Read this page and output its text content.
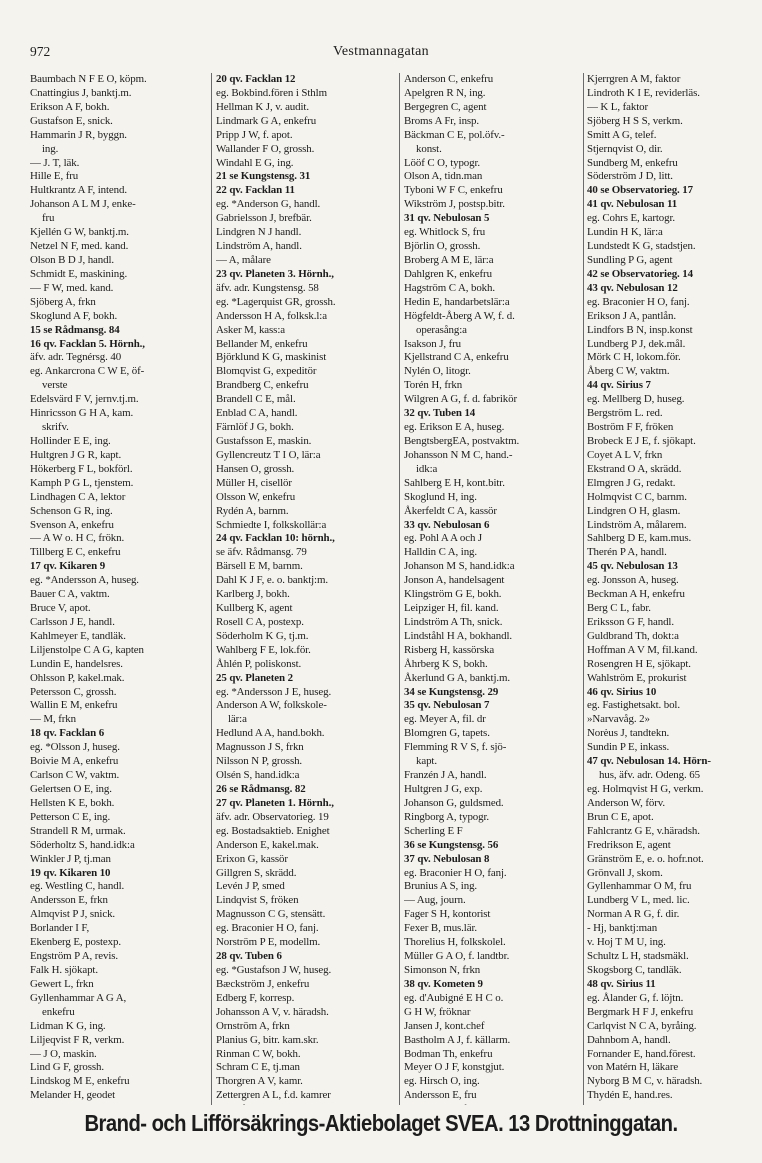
972	Vestmannagatan
Baumbach N F E O, köpm.
Cnattingius J, banktj.m.
Erikson A F, bokh.
Gustafson E, snick.
Hammarin J R, byggn.
ing.
— J. T, läk.
Hille E, fru
Hultkrantz A F, intend.
Johanson A L M J, enke-
fru
Kjellén G W, banktj.m.
Netzel N F, med. kand.
Olson B D J, handl.
Schmidt E, maskining.
— F W, med. kand.
Sjöberg A, frkn
Skoglund A F, bokh.
15 se Rådmansg. 84
16 qv. Facklan 5. Hörnh.,
äfv. adr. Tegnérsg. 40
eg. Ankarcrona C W E, öf-
verste
Edelsvärd F V, jernv.tj.m.
Hinricsson G H A, kam.
skrifv.
Hollinder E E, ing.
Hultgren J G R, kapt.
Hökerberg F L, bokförl.
Kamph P G L, tjenstem.
Lindhagen C A, lektor
Schenson G R, ing.
Svenson A, enkefru
— A W o. H C, frökn.
Tillberg E C, enkefru
17 qv. Kikaren 9
eg. *Andersson A, huseg.
Bauer C A, vaktm.
Bruce V, apot.
Carlsson J E, handl.
Kahlmeyer E, tandläk.
Liljenstolpe C A G, kapten
Lundin E, handelsres.
Ohlsson P, kakel.mak.
Petersson C, grossh.
Wallin E M, enkefru
— M, frkn
18 qv. Facklan 6
eg. *Olsson J, huseg.
Boivie M A, enkefru
Carlson C W, vaktm.
Gelertsen O E, ing.
Hellsten K E, bokh.
Petterson C E, ing.
Strandell R M, urmak.
Söderholtz S, hand.idk:a
Winkler J P, tj.man
19 qv. Kikaren 10
eg. Westling C, handl.
Andersson E, frkn
Almqvist P J, snick.
Borlander I F,
Ekenberg E, postexp.
Engström P A, revis.
Falk H. sjökapt.
Gewert L, frkn
Gyllenhammar A G A,
enkefru
Lidman K G, ing.
Liljeqvist F R, verkm.
— J O, maskin.
Lind G F, grossh.
Lindskog M E, enkefru
Melander H, geodet
20 qv. Facklan 12
eg. Bokbind.fören i Sthlm
Hellman K J, v. audit.
Lindmark G A, enkefru
Pripp J W, f. apot.
Wallander F O, grossh.
Windahl E G, ing.
21 se Kungstensg. 31
22 qv. Facklan 11
eg. *Anderson G, handl.
Gabrielsson J, brefbär.
Lindgren N J handl.
Lindström A, handl.
— A, målare
23 qv. Planeten 3. Hörnh.,
äfv. adr. Kungstensg. 58
eg. *Lagerquist GR, grossh.
Andersson H A, folksk.l:a
Asker M, kass:a
Bellander M, enkefru
Björklund K G, maskinist
Blomqvist G, expeditör
Brandberg C, enkefru
Brandell C E, mål.
Enblad C A, handl.
Färnlöf J G, bokh.
Gustafsson E, maskin.
Gyllencreutz T I O, lär:a
Hansen O, grossh.
Müller H, cisellör
Olsson W, enkefru
Rydén A, barnm.
Schmiedte I, folkskollär:a
24 qv. Facklan 10: hörnh.,
se äfv. Rådmansg. 79
Bärsell E M, barnm.
Dahl K J F, e. o. banktj:m.
Karlberg J, bokh.
Kullberg K, agent
Rosell C A, postexp.
Söderholm K G, tj.m.
Wahlberg F E, lok.för.
Åhlén P, poliskonst.
25 qv. Planeten 2
eg. *Andersson J E, huseg.
Anderson A W, folkskole-
lär:a
Hedlund A A, hand.bokh.
Magnusson J S, frkn
Nilsson N P, grossh.
Olsén S, hand.idk:a
26 se Rådmansg. 82
27 qv. Planeten 1. Hörnh.,
äfv. adr. Observatorieg. 19
eg. Bostadsaktieb. Enighet
Anderson E, kakel.mak.
Erixon G, kassör
Gillgren S, skrädd.
Levén J P, smed
Lindqvist S, fröken
Magnusson C G, stensätt.
eg. Braconier H O, fanj.
Norström P E, modellm.
28 qv. Tuben 6
eg. *Gustafson J W, huseg.
Bæckström J, enkefru
Edberg F, korresp.
Johansson A V, v. häradsh.
Ornström A, frkn
Planius G, bitr. kam.skr.
Rinman C W, bokh.
Schram C E, tj.man
Thorgren A V, kamr.
Zettergren A L, f.d. kamrer
Anderson C, enkefru
Apelgren R N, ing.
Bergegren C, agent
Broms A Fr, insp.
Bäckman C E, pol.öfv.-
konst.
Lööf C O, typogr.
Olson A, tidn.man
Tyboni W F C, enkefru
Wikström J, postsp.bitr.
31 qv. Nebulosan 5
eg. Whitlock S, fru
Björlin O, grossh.
Broberg A M E, lär:a
Dahlgren K, enkefru
Hagström C A, bokh.
Hedin E, handarbetslär:a
Högfeldt-Åberg A W, f. d.
operasång:a
Isakson J, fru
Kjellstrand C A, enkefru
Nylén O, litogr.
Torén H, frkn
Wilgren A G, f. d. fabrikör
32 qv. Tuben 14
eg. Erikson E A, huseg.
BengtsbergEA, postvaktm.
Johansson N M C, hand.-
idk:a
Sahlberg E H, kont.bitr.
Skoglund H, ing.
Åkerfeldt C A, kassör
33 qv. Nebulosan 6
eg. Pohl A A och J
Halldin C A, ing.
Johanson M S, hand.idk:a
Jonson A, handelsagent
Klingström G E, bokh.
Leipziger H, fil. kand.
Lindström A Th, snick.
Lindståhl H A, bokhandl.
Risberg H, kassörska
Åhrberg K S, bokh.
Åkerlund G A, banktj.m.
34 se Kungstensg. 29
35 qv. Nebulosan 7
eg. Meyer A, fil. dr
Blomgren G, tapets.
Flemming R V S, f. sjö-
kapt.
Franzén J A, handl.
Hultgren J G, exp.
Johanson G, guldsmed.
Ringborg A, typogr.
Scherling E F
36 se Kungstensg. 56
37 qv. Nebulosan 8
eg. Braconier H O, fanj.
Brunius A S, ing.
— Aug, journ.
Fager S H, kontorist
Fexer B, mus.lär.
Thorelius H, folkskolel.
Müller G A O, f. landtbr.
Simonson N, frkn
38 qv. Kometen 9
eg. d'Aubigné E H C o.
G H W, fröknar
Jansen J, kont.chef
Bastholm A J, f. källarm.
Bodman Th, enkefru
Meyer O J F, konstgjut.
eg. Hirsch O, ing.
Andersson E, fru
Kjerrgren A M, faktor
Lindroth K I E, reviderläs.
— K L, faktor
Sjöberg H S S, verkm.
Smitt A G, telef.
Stjernqvist O, dir.
Sundberg M, enkefru
Söderström J D, litt.
40 se Observatorieg. 17
41 qv. Nebulosan 11
eg. Cohrs E, kartogr.
Lundin H K, lär:a
Lundstedt K G, stadstjen.
Sundling P G, agent
42 se Observatorieg. 14
43 qv. Nebulosan 12
eg. Braconier H O, fanj.
Erikson J A, pantlån.
Lindfors B N, insp.konst
Lundberg P J, dek.mål.
Mörk C H, lokom.för.
Åberg C W, vaktm.
44 qv. Sirius 7
eg. Mellberg D, huseg.
Bergström L. red.
Boström F F, fröken
Brobeck E J E, f. sjökapt.
Coyet A L V, frkn
Ekstrand O A, skrädd.
Elmgren J G, redakt.
Holmqvist C C, barnm.
Lindgren O H, glasm.
Lindström A, målarem.
Sahlberg D E, kam.mus.
Therén P A, handl.
45 qv. Nebulosan 13
eg. Jonsson A, huseg.
Beckman A H, enkefru
Berg C L, fabr.
Eriksson G F, handl.
Guldbrand Th, dokt:a
Hoffman A V M, fil.kand.
Rosengren H E, sjökapt.
Wahlström E, prokurist
46 qv. Sirius 10
eg. Fastighetsakt. bol.
»Narvavåg. 2»
Norėus J, tandtekn.
Sundin P E, inkass.
47 qv. Nebulosan 14. Hörn-
hus, äfv. adr. Odeng. 65
eg. Holmqvist H G, verkm.
Anderson W, förv.
Brun C E, apot.
Fahlcrantz G E, v.häradsh.
Fredrikson E, agent
Gränström E, e. o. hofr.not.
Grönvall J, skom.
Gyllenhammar O M, fru
Lundberg V L, med. lic.
Norman A R G, f. dir.
- Hj, banktj:man
v. Hoj T M U, ing.
Schultz L H, stadsmäkl.
Skogsborg C, tandläk.
48 qv. Sirius 11
eg. Ålander G, f. löjtn.
Bergmark H F J, enkefru
Carlqvist N C A, byråing.
Dahnbom A, handl.
Fornander E, hand.förest.
von Matérn H, läkare
Nyborg B M C, v. häradsh.
Thydén E, hand.res.
Brand- och Lifförsäkrings-Aktiebolaget SVEA. 13 Drottninggatan.
